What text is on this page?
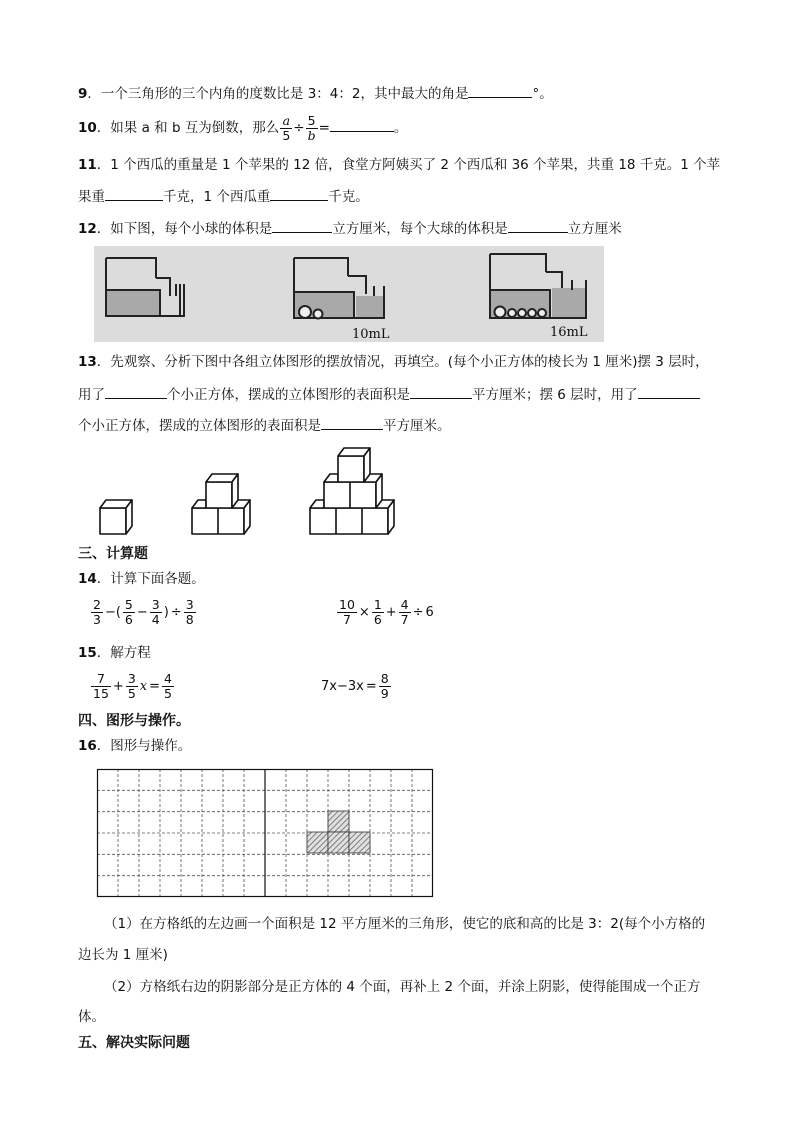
9．一个三角形的三个内角的度数比是 3：4：2，其中最大的角是	°。
10．如果 a 和 b 互为倒数，那么 $\frac{a}{5} \div \frac{5}{b}$ =	。
11．1 个西瓜的重量是 1 个苹果的 12 倍，食堂方阿姨买了 2 个西瓜和 36 个苹果，共重 18 千克。1 个苹
果重	千克，1 个西瓜重	千克。
12．如下图，每个小球的体积是	立方厘米，每个大球的体积是	立方厘米
10mL	16mL
13．先观察、分析下图中各组立体图形的摆放情况，再填空。(每个小正方体的棱长为 1 厘米)摆 3 层时，
用了	个小正方体，摆成的立体图形的表面积是	平方厘米；摆 6 层时，用了
个小正方体，摆成的立体图形的表面积是	平方厘米。
三、计算题
14．计算下面各题。
$\frac{2}{3}$ −( $\frac{5}{6} - \frac{3}{4}$ ) ÷ $\frac{3}{8}$	$\frac{10}{7} \times \frac{1}{6} + \frac{4}{7} \div 6$
15．解方程
$\frac{7}{15} + \frac{3}{5}$ $x = \frac{4}{5}$	$7x-3x = \frac{8}{9}$
四、图形与操作。
16．图形与操作。
（1）在方格纸的左边画一个面积是 12 平方厘米的三角形，使它的底和高的比是 3：2(每个小方格的
边长为 1 厘米)
（2）方格纸右边的阴影部分是正方体的 4 个面，再补上 2 个面，并涂上阴影，使得能围成一个正方
体。
五、解决实际问题
